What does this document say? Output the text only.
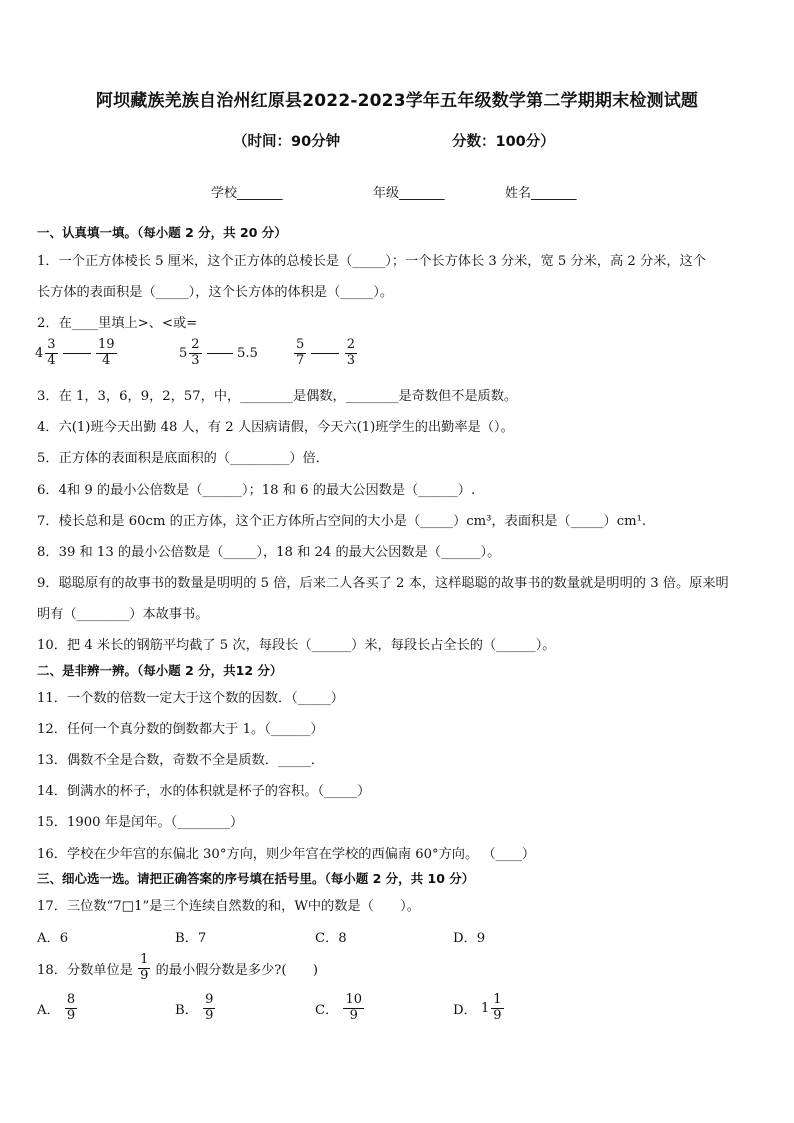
阿坝藏族羌族自治州红原县2022-2023学年五年级数学第二学期期末检测试题
（时间：90分钟	分数：100分）
学校_______	年级_______	姓名_______
一、认真填一填。（每小题 2 分，共 20 分）
1．一个正方体棱长 5 厘米，这个正方体的总棱长是（_____）；一个长方体长 3 分米，宽 5 分米，高 2 分米，这个
长方体的表面积是（_____），这个长方体的体积是（_____）。
2．在____里填上>、<或=
$4 \frac{3}{4}$
	$\frac{19}{4}$	$5 \frac{2}{3}$	5.5	$\frac{5}{7}$
	$\frac{2}{3}$
3．在 1，3，6，9，2，57，中，________是偶数，________是奇数但不是质数。
4．六(1)班今天出勤 48 人，有 2 人因病请假，今天六(1)班学生的出勤率是（）。
5．正方体的表面积是底面积的（_________）倍．
6．4和 9 的最小公倍数是（______）；18 和 6 的最大公因数是（______）.
7．棱长总和是 60cm 的正方体，这个正方体所占空间的大小是（_____）cm³，表面积是（_____）cm¹.
8．39 和 13 的最小公倍数是（_____），18 和 24 的最大公因数是（______）。
9．聪聪原有的故事书的数量是明明的 5 倍，后来二人各买了 2 本，这样聪聪的故事书的数量就是明明的 3 倍。原来明
明有（________）本故事书。
10．把 4 米长的钢筋平均截了 5 次，每段长（______）米，每段长占全长的（______）。
二、是非辨一辨。（每小题 2 分，共12 分）
11．一个数的倍数一定大于这个数的因数．（_____）
12．任何一个真分数的倒数都大于 1。（______）
13．偶数不全是合数，奇数不全是质数．_____．
14．倒满水的杯子，水的体积就是杯子的容积。（_____）
15．1900 年是闰年。（________）
16．学校在少年宫的东偏北 30°方向，则少年宫在学校的西偏南 60°方向。 （____）
三、细心选一选。请把正确答案的序号填在括号里。（每小题 2 分，共 10 分）
17．三位数“7□1”是三个连续自然数的和，W中的数是（　　）。
A．6	B．7	C．8	D．9
18．分数单位是 $\frac{1}{9}$ 的最小假分数是多少?(　　)
A． $\frac{8}{9}$	B． $\frac{9}{9}$	C． $\frac{10}{9}$	D． $1 \frac{1}{9}$
